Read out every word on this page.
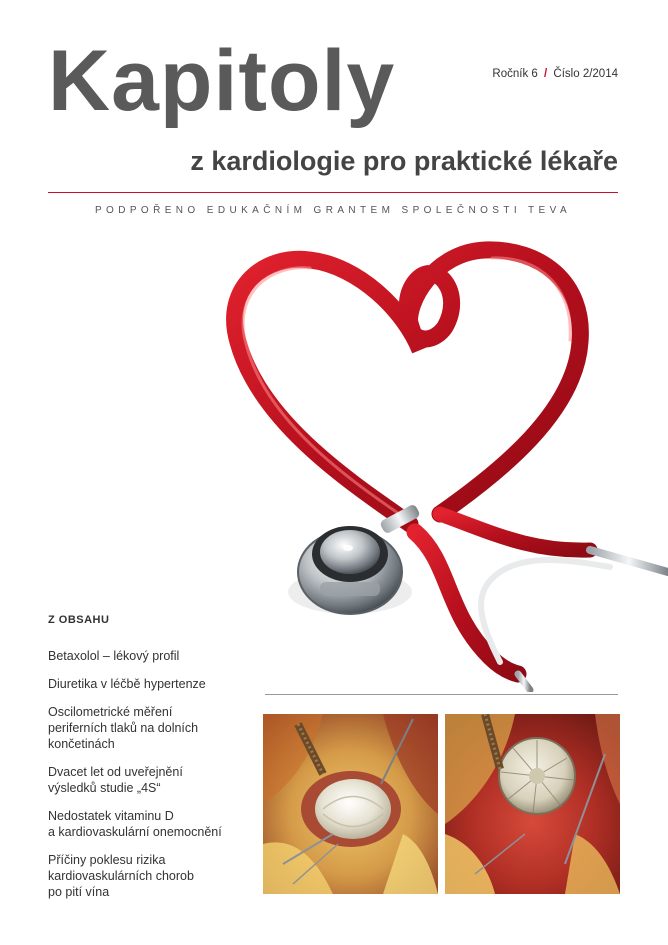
Kapitoly	Ročník 6 / Číslo 2/2014
z kardiologie pro praktické lékaře
PODPOŘENO EDUKAČNÍM GRANTEM SPOLEČNOSTI TEVA
Z OBSAHU
Betaxolol – lékový profil
Diuretika v léčbě hypertenze
Oscilometrické měření
periferních tlaků na dolních
končetinách
Dvacet let od uveřejnění
výsledků studie „4S“
Nedostatek vitaminu D
a kardiovaskulární onemocnění
Příčiny poklesu rizika
kardiovaskulárních chorob
po pití vína
